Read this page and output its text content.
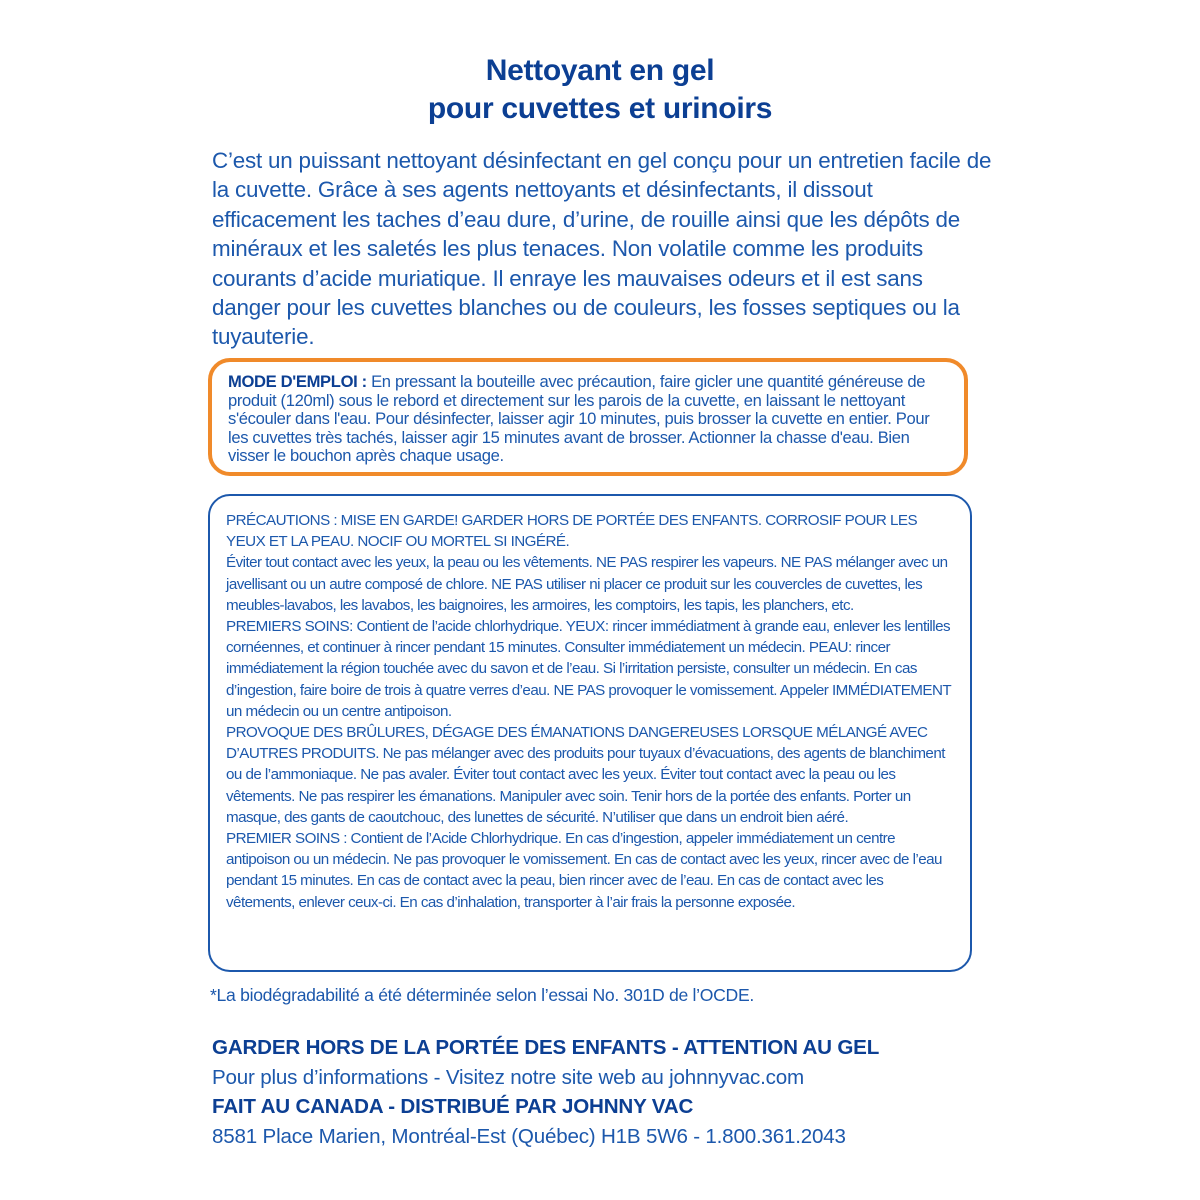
Nettoyant en gel
pour cuvettes et urinoirs
C’est un puissant nettoyant désinfectant en gel conçu pour un entretien facile de la cuvette. Grâce à ses agents nettoyants et désinfectants, il dissout efficacement les taches d’eau dure, d’urine, de rouille ainsi que les dépôts de minéraux et les saletés les plus tenaces. Non volatile comme les produits courants d’acide muriatique. Il enraye les mauvaises odeurs et il est sans danger pour les cuvettes blanches ou de couleurs, les fosses septiques ou la tuyauterie.
MODE D'EMPLOI : En pressant la bouteille avec précaution, faire gicler une quantité généreuse de produit (120ml) sous le rebord et directement sur les parois de la cuvette, en laissant le nettoyant s'écouler dans l'eau. Pour désinfecter, laisser agir 10 minutes, puis brosser la cuvette en entier. Pour les cuvettes très tachés, laisser agir 15 minutes avant de brosser. Actionner la chasse d'eau. Bien visser le bouchon après chaque usage.

PRÉCAUTIONS : MISE EN GARDE! GARDER HORS DE PORTÉE DES ENFANTS. CORROSIF POUR LES YEUX ET LA PEAU. NOCIF OU MORTEL SI INGÉRÉ.

Éviter tout contact avec les yeux, la peau ou les vêtements. NE PAS respirer les vapeurs. NE PAS mélanger avec un javellisant ou un autre composé de chlore. NE PAS utiliser ni placer ce produit sur les couvercles de cuvettes, les meubles-lavabos, les lavabos, les baignoires, les armoires, les comptoirs, les tapis, les planchers, etc.

PREMIERS SOINS: Contient de l’acide chlorhydrique. YEUX: rincer immédiatment à grande eau, enlever les lentilles cornéennes, et continuer à rincer pendant 15 minutes. Consulter immédiatement un médecin. PEAU: rincer immédiatement la région touchée avec du savon et de l’eau. Si l’irritation persiste, consulter un médecin. En cas d’ingestion, faire boire de trois à quatre verres d’eau. NE PAS provoquer le vomissement. Appeler IMMÉDIATEMENT un médecin ou un centre antipoison.

PROVOQUE DES BRÛLURES, DÉGAGE DES ÉMANATIONS DANGEREUSES LORSQUE MÉLANGÉ AVEC D’AUTRES PRODUITS. Ne pas mélanger avec des produits pour tuyaux d’évacuations, des agents de blanchiment ou de l’ammoniaque. Ne pas avaler. Éviter tout contact avec les yeux. Éviter tout contact avec la peau ou les vêtements. Ne pas respirer les émanations. Manipuler avec soin. Tenir hors de la portée des enfants. Porter un masque, des gants de caoutchouc, des lunettes de sécurité. N’utiliser que dans un endroit bien aéré.

PREMIER SOINS : Contient de l’Acide Chlorhydrique. En cas d’ingestion, appeler immédiatement un centre antipoison ou un médecin. Ne pas provoquer le vomissement. En cas de contact avec les yeux, rincer avec de l’eau pendant 15 minutes. En cas de contact avec la peau, bien rincer avec de l’eau. En cas de contact avec les vêtements, enlever ceux-ci. En cas d’inhalation, transporter à l’air frais la personne exposée.

*La biodégradabilité a été déterminée selon l’essai No. 301D de l’OCDE.
GARDER HORS DE LA PORTÉE DES ENFANTS - ATTENTION AU GEL
Pour plus d’informations - Visitez notre site web au johnnyvac.com
FAIT AU CANADA - DISTRIBUÉ PAR JOHNNY VAC
8581 Place Marien, Montréal-Est (Québec) H1B 5W6 - 1.800.361.2043
